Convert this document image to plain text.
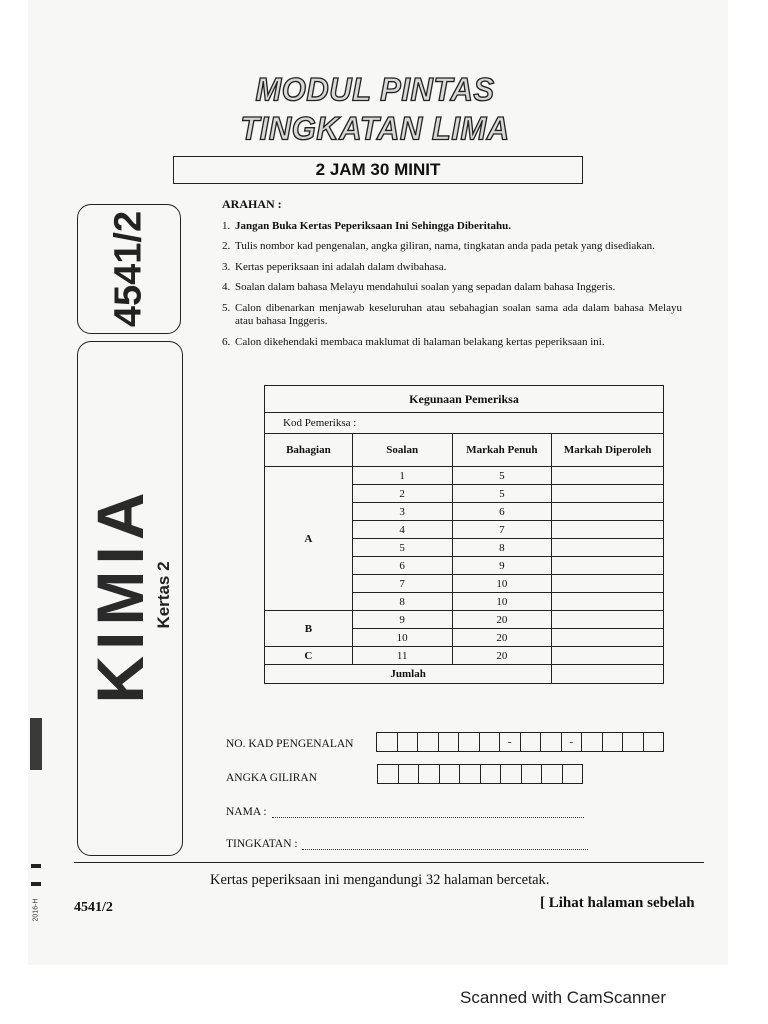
MODUL PINTAS
TINGKATAN LIMA
2 JAM 30 MINIT
4541/2
KIMIA
Kertas 2
2016-H
ARAHAN :
1. Jangan Buka Kertas Peperiksaan Ini Sehingga Diberitahu.
2. Tulis nombor kad pengenalan, angka giliran, nama, tingkatan anda pada petak yang disediakan.
3. Kertas peperiksaan ini adalah dalam dwibahasa.
4. Soalan dalam bahasa Melayu mendahului soalan yang sepadan dalam bahasa Inggeris.
5. Calon dibenarkan menjawab keseluruhan atau sebahagian soalan sama ada dalam bahasa Melayu atau bahasa Inggeris.
6. Calon dikehendaki membaca maklumat di halaman belakang kertas peperiksaan ini.
Kegunaan Pemeriksa			
Kod Pemeriksa :			
Bahagian	Soalan	Markah Penuh	Markah Diperoleh
A	1	5	
	2	5	
	3	6	
	4	7	
	5	8	
	6	9	
	7	10	
	8	10	
B	9	20	
	10	20	
C	11	20	
Jumlah			
NO. KAD PENGENALAN	-	-
ANGKA GILIRAN
NAMA :
TINGKATAN :
Kertas peperiksaan ini mengandungi 32 halaman bercetak.
4541/2	[ Lihat halaman sebelah
Scanned with CamScanner
